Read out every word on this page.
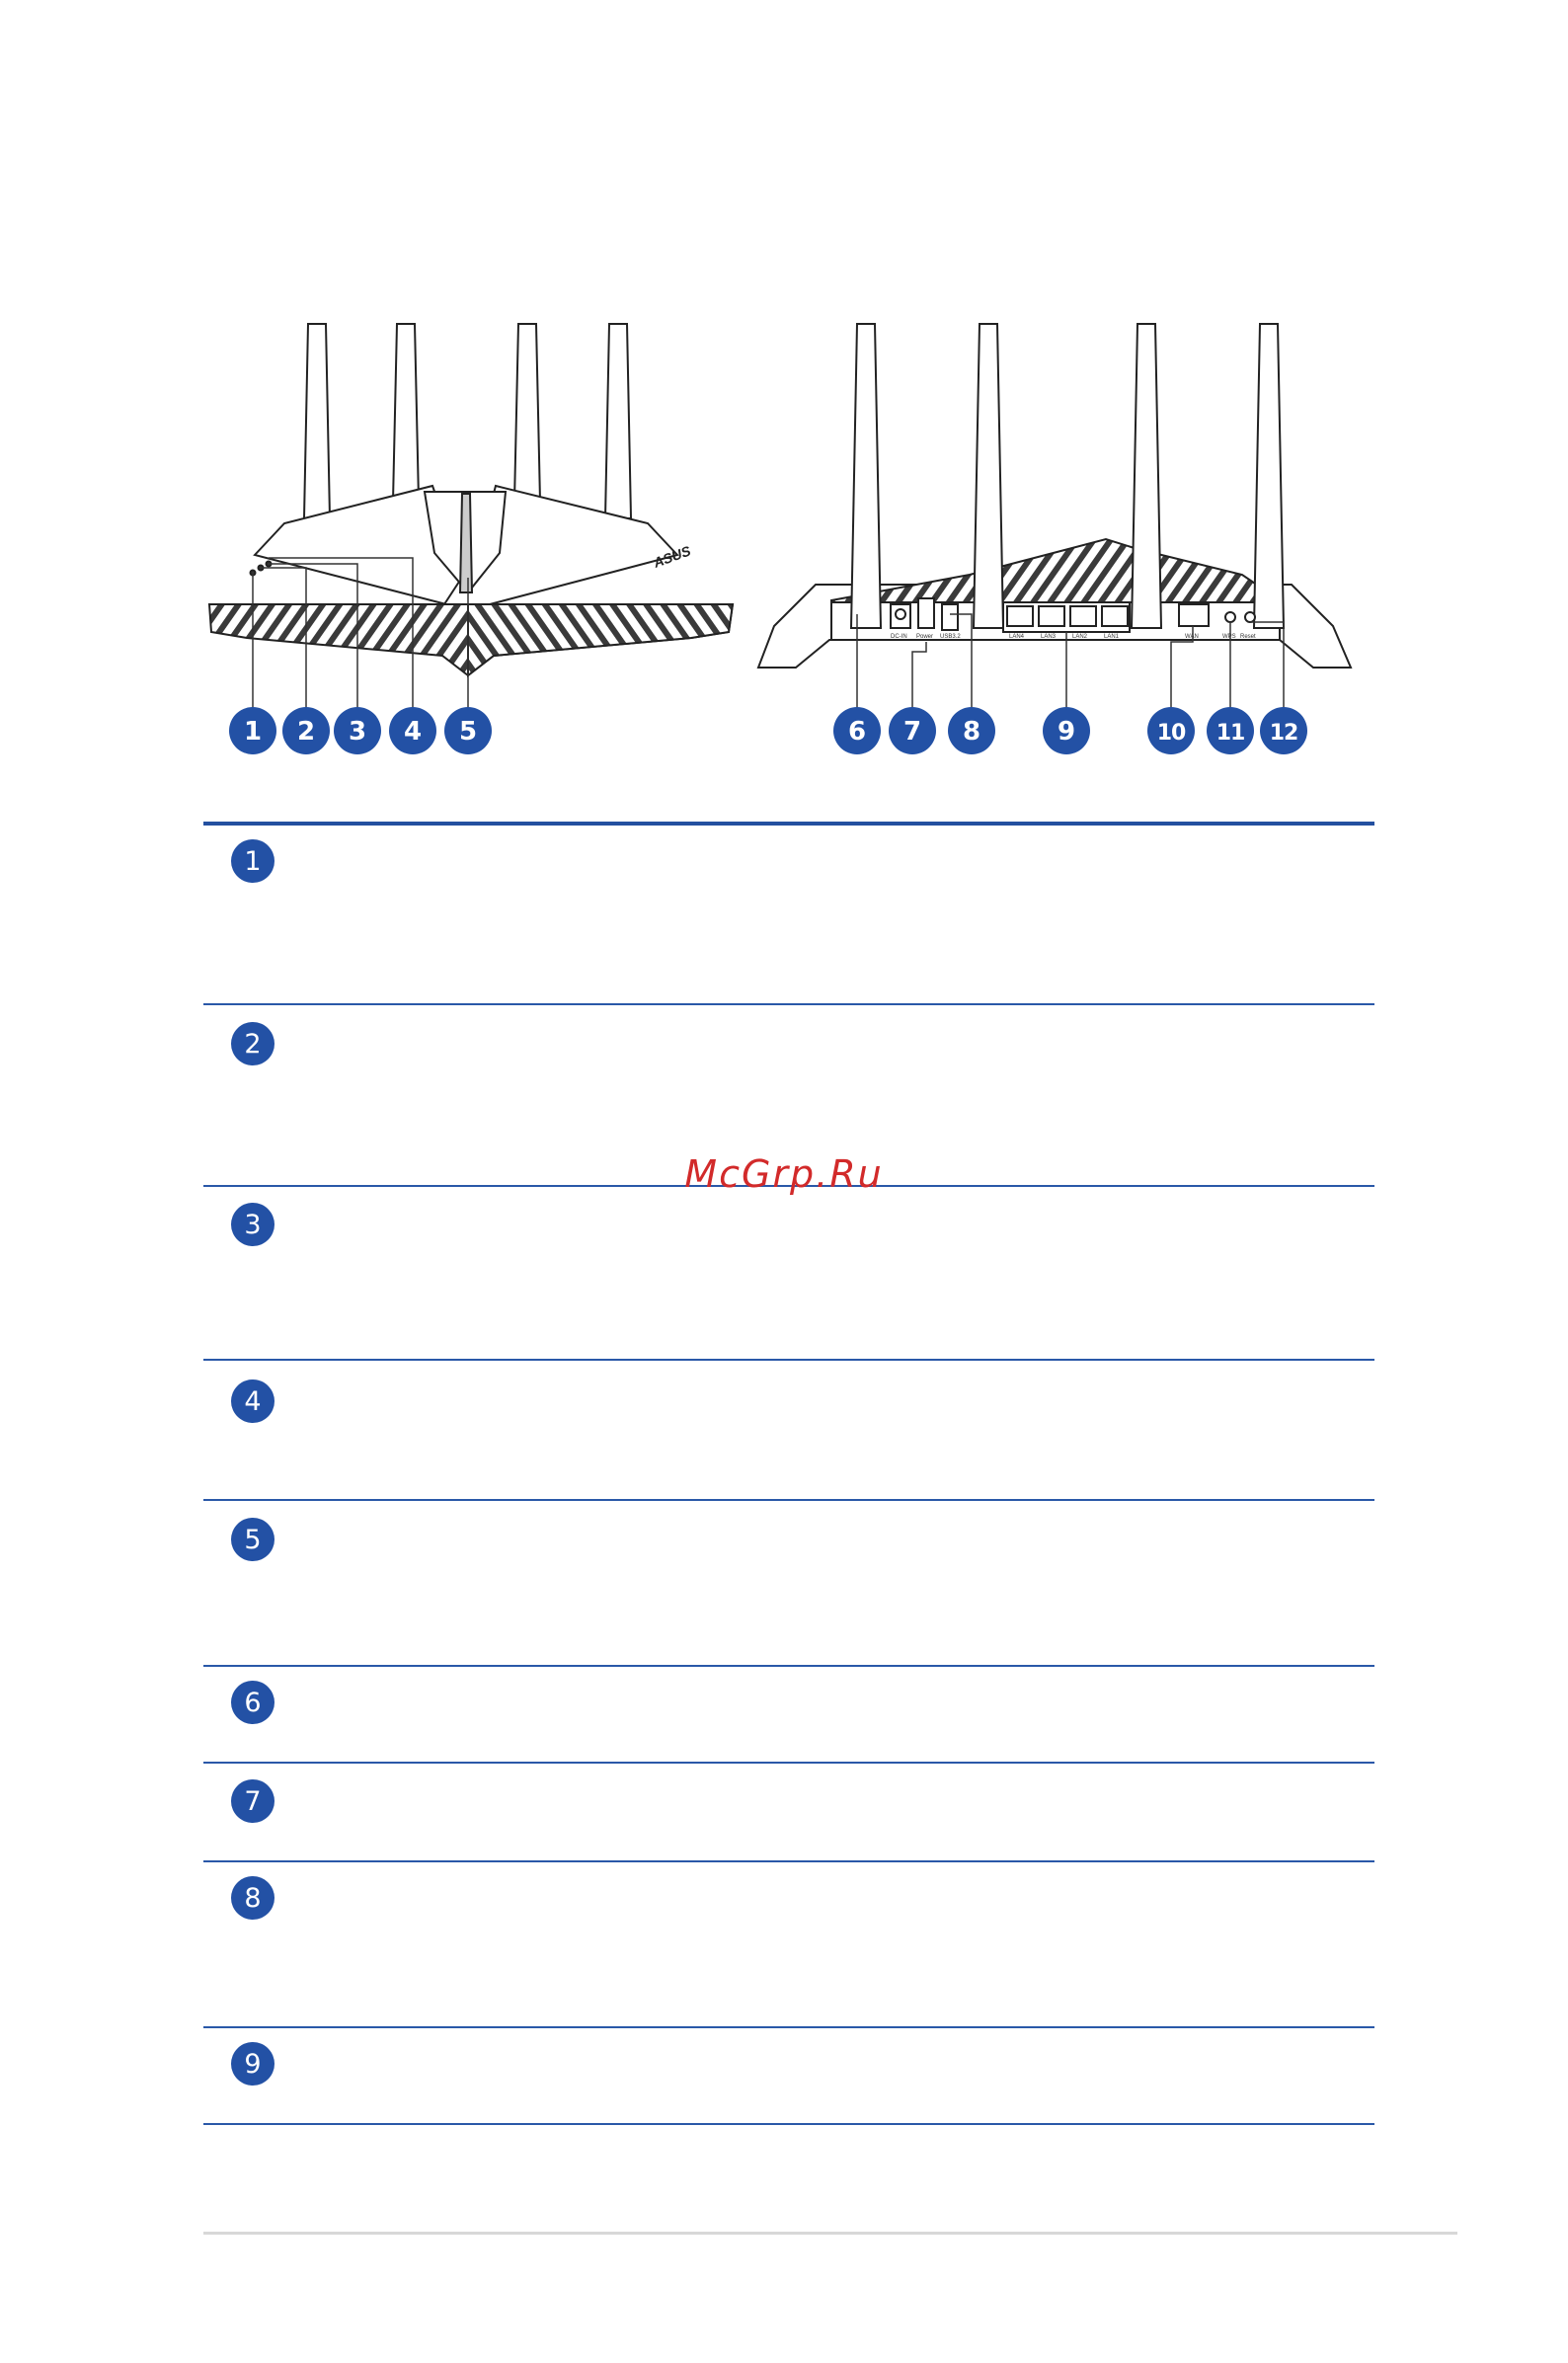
ASUS
DC-IN Power USB3.2	LAN4	LAN3	LAN2	LAN1	WAN	WPS Reset
1 2 3 4 5	6 7 8	9	10 11 12
1
2
3
4
5
6
7
8
9
McGrp.Ru
